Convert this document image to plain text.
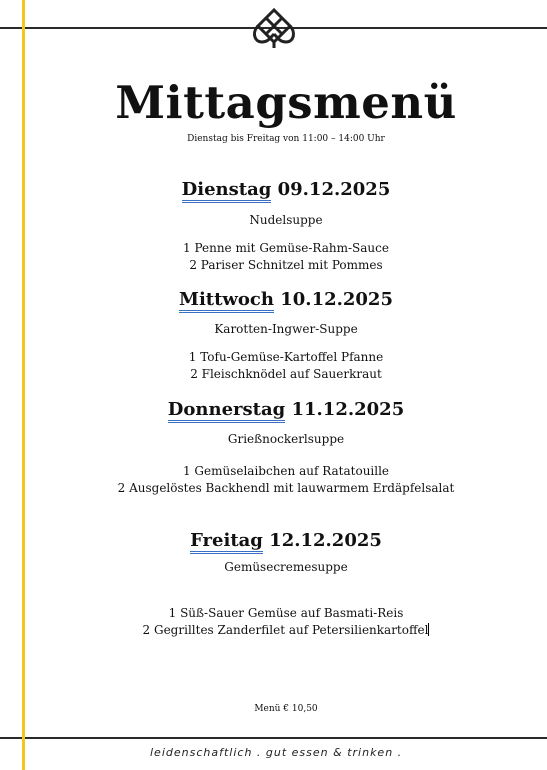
Mittagsmenü
Dienstag bis Freitag von 11:00 – 14:00 Uhr
Dienstag 09.12.2025
Nudelsuppe
1 Penne mit Gemüse-Rahm-Sauce
2 Pariser Schnitzel mit Pommes
Mittwoch 10.12.2025
Karotten-Ingwer-Suppe
1 Tofu-Gemüse-Kartoffel Pfanne
2 Fleischknödel auf Sauerkraut
Donnerstag 11.12.2025
Grießnockerlsuppe
1 Gemüselaibchen auf Ratatouille
2 Ausgelöstes Backhendl mit lauwarmem Erdäpfelsalat
Freitag 12.12.2025
Gemüsecremesuppe
1 Süß-Sauer Gemüse auf Basmati-Reis
2 Gegrilltes Zanderfilet auf Petersilienkartoffel
Menü € 10,50
leidenschaftlich . gut essen & trinken .
